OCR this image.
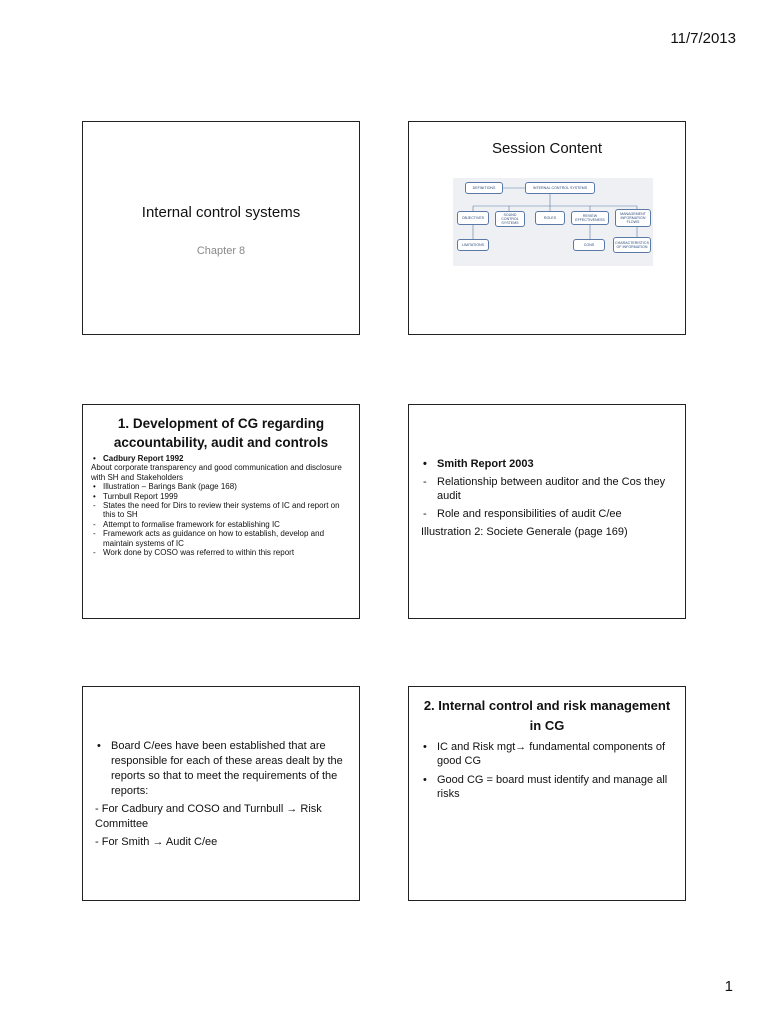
11/7/2013
Internal control systems
Chapter 8
Session Content
DEFINITIONS	INTERNAL CONTROL SYSTEMS
OBJECTIVES
SOUND CONTROL SYSTEMS
ROLES	REVIEW EFFECTIVENESS
MANAGEMENT INFORMATION FLOWS
LIMITATIONS	CONS	CHARACTERISTICS OF INFORMATION
1. Development of CG regarding accountability, audit and controls
• Cadbury Report 1992
About corporate transparency and good communication and disclosure with SH and Stakeholders
• Illustration – Barings Bank (page 168)
• Turnbull Report 1999
- States the need for Dirs to review their systems of IC and report on this to SH
- Attempt to formalise framework for establishing IC
- Framework acts as guidance on how to establish, develop and maintain systems of IC
- Work done by COSO was referred to within this report
• Smith Report 2003
- Relationship between auditor and the Cos they audit
- Role and responsibilities of audit C/ee
Illustration 2: Societe Generale (page 169)
• Board C/ees have been established that are responsible for each of these areas dealt by the reports so that to meet the requirements of the reports:
- For Cadbury and COSO and Turnbull → Risk Committee
- For Smith → Audit C/ee
2. Internal control and risk management in CG
• IC and Risk mgt→ fundamental components of good CG
• Good CG = board must identify and manage all risks
1
